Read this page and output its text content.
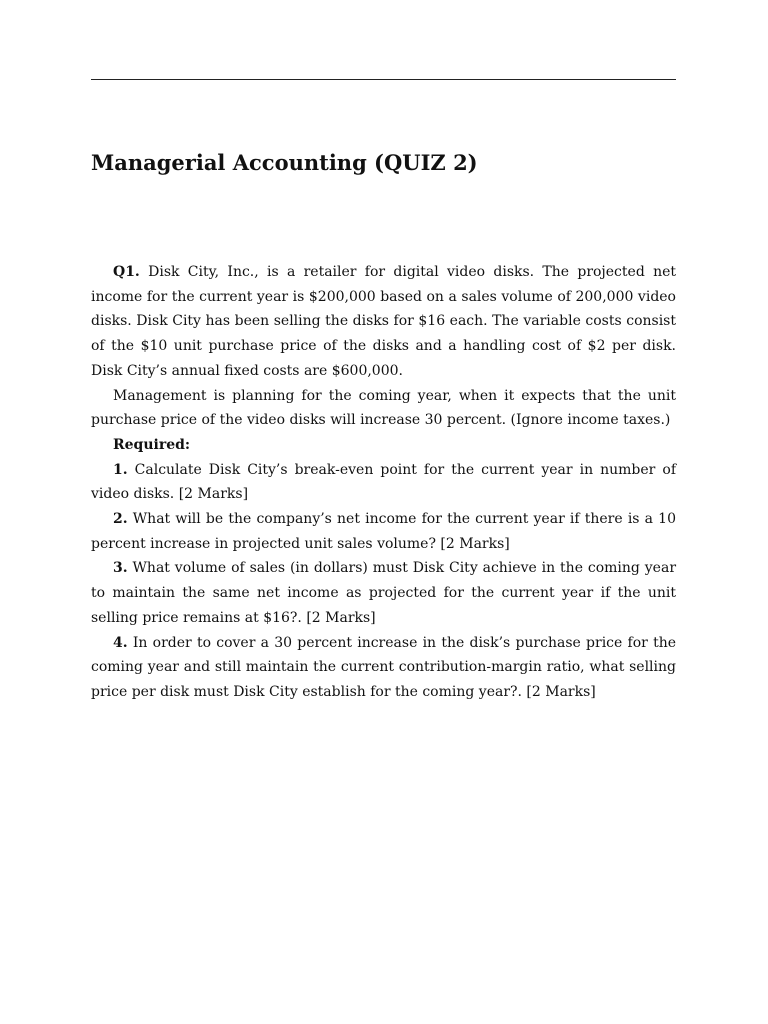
Managerial Accounting (QUIZ 2)

Q1. Disk City, Inc., is a retailer for digital video disks. The projected net income for the current year is $200,000 based on a sales volume of 200,000 video disks. Disk City has been selling the disks for $16 each. The variable costs consist of the $10 unit purchase price of the disks and a handling cost of $2 per disk. Disk City’s annual fixed costs are $600,000.

Management is planning for the coming year, when it expects that the unit purchase price of the video disks will increase 30 percent. (Ignore income taxes.)

Required:

1. Calculate Disk City’s break-even point for the current year in number of video disks. [2 Marks]

2. What will be the company’s net income for the current year if there is a 10 percent increase in projected unit sales volume? [2 Marks]

3. What volume of sales (in dollars) must Disk City achieve in the coming year to maintain the same net income as projected for the current year if the unit selling price remains at $16?. [2 Marks]

4. In order to cover a 30 percent increase in the disk’s purchase price for the coming year and still maintain the current contribution-margin ratio, what selling price per disk must Disk City establish for the coming year?. [2 Marks]
